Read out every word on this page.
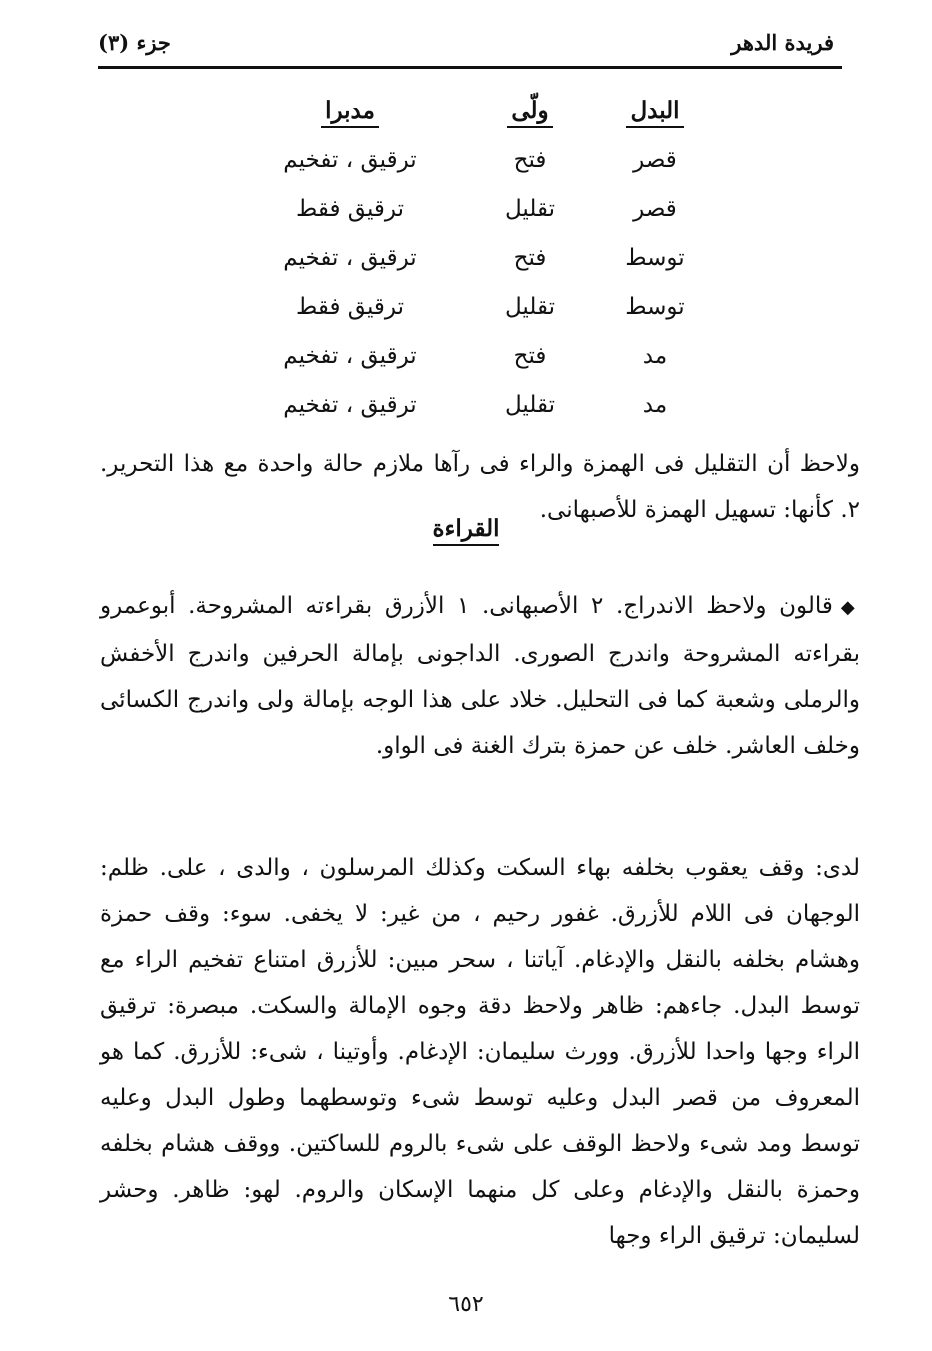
فريدة الدهر
جزء (٣)
البدل
ولّى
مدبرا
قصر
فتح
ترقيق ، تفخيم
قصر
تقليل
ترقيق فقط
توسط
فتح
ترقيق ، تفخيم
توسط
تقليل
ترقيق فقط
مد
فتح
ترقيق ، تفخيم
مد
تقليل
ترقيق ، تفخيم

ولاحظ أن التقليل فى الهمزة والراء فى رآها ملازم حالة واحدة مع هذا التحرير. ٢. كأنها: تسهيل الهمزة للأصبهانى.

القراءة

◆قالون ولاحظ الاندراج. ٢ الأصبهانى. ١ الأزرق بقراءته المشروحة. أبوعمرو بقراءته المشروحة واندرج الصورى. الداجونى بإمالة الحرفين واندرج الأخفش والرملى وشعبة كما فى التحليل. خلاد على هذا الوجه بإمالة ولى واندرج الكسائى وخلف العاشر. خلف عن حمزة بترك الغنة فى الواو.

لدى: وقف يعقوب بخلفه بهاء السكت وكذلك المرسلون ، والدى ، على. ظلم: الوجهان فى اللام للأزرق. غفور رحيم ، من غير: لا يخفى. سوء: وقف حمزة وهشام بخلفه بالنقل والإدغام. آياتنا ، سحر مبين: للأزرق امتناع تفخيم الراء مع توسط البدل. جاءهم: ظاهر ولاحظ دقة وجوه الإمالة والسكت. مبصرة: ترقيق الراء وجها واحدا للأزرق. وورث سليمان: الإدغام. وأوتينا ، شىء: للأزرق. كما هو المعروف من قصر البدل وعليه توسط شىء وتوسطهما وطول البدل وعليه توسط ومد شىء ولاحظ الوقف على شىء بالروم للساكتين. ووقف هشام بخلفه وحمزة بالنقل والإدغام وعلى كل منهما الإسكان والروم. لهو: ظاهر. وحشر لسليمان: ترقيق الراء وجها

٦٥٢
